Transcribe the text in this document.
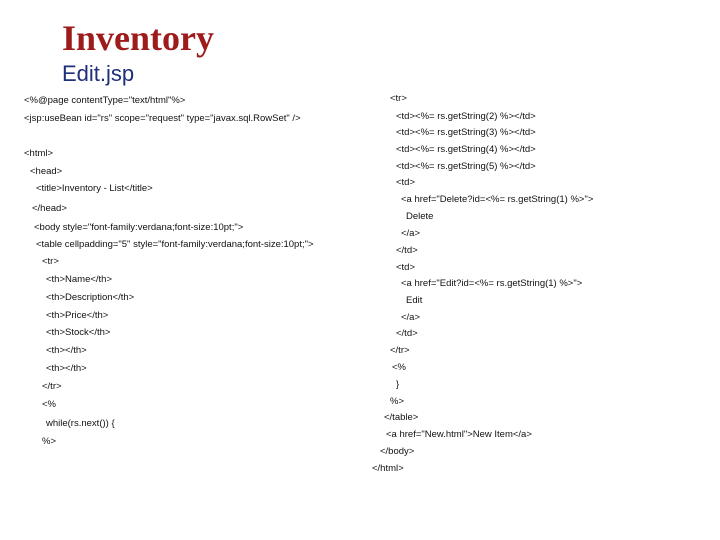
Inventory
Edit.jsp
<%@page contentType="text/html"%>
<jsp:useBean id="rs" scope="request" type="javax.sql.RowSet" />
<html>
<head>
<title>Inventory - List</title>
</head>
<body style="font-family:verdana;font-size:10pt;">
<table cellpadding="5" style="font-family:verdana;font-size:10pt;">
<tr>
<th>Name</th>
<th>Description</th>
<th>Price</th>
<th>Stock</th>
<th></th>
<th></th>
</tr>
<%
while(rs.next()) {
%>
<tr>
<td><%= rs.getString(2) %></td>
<td><%= rs.getString(3) %></td>
<td><%= rs.getString(4) %></td>
<td><%= rs.getString(5) %></td>
<td>
<a href="Delete?id=<%= rs.getString(1) %>">
Delete
</a>
</td>
<td>
<a href="Edit?id=<%= rs.getString(1) %>">
Edit
</a>
</td>
</tr>
<%
}
%>
</table>
<a href="New.html">New Item</a>
</body>
</html>
